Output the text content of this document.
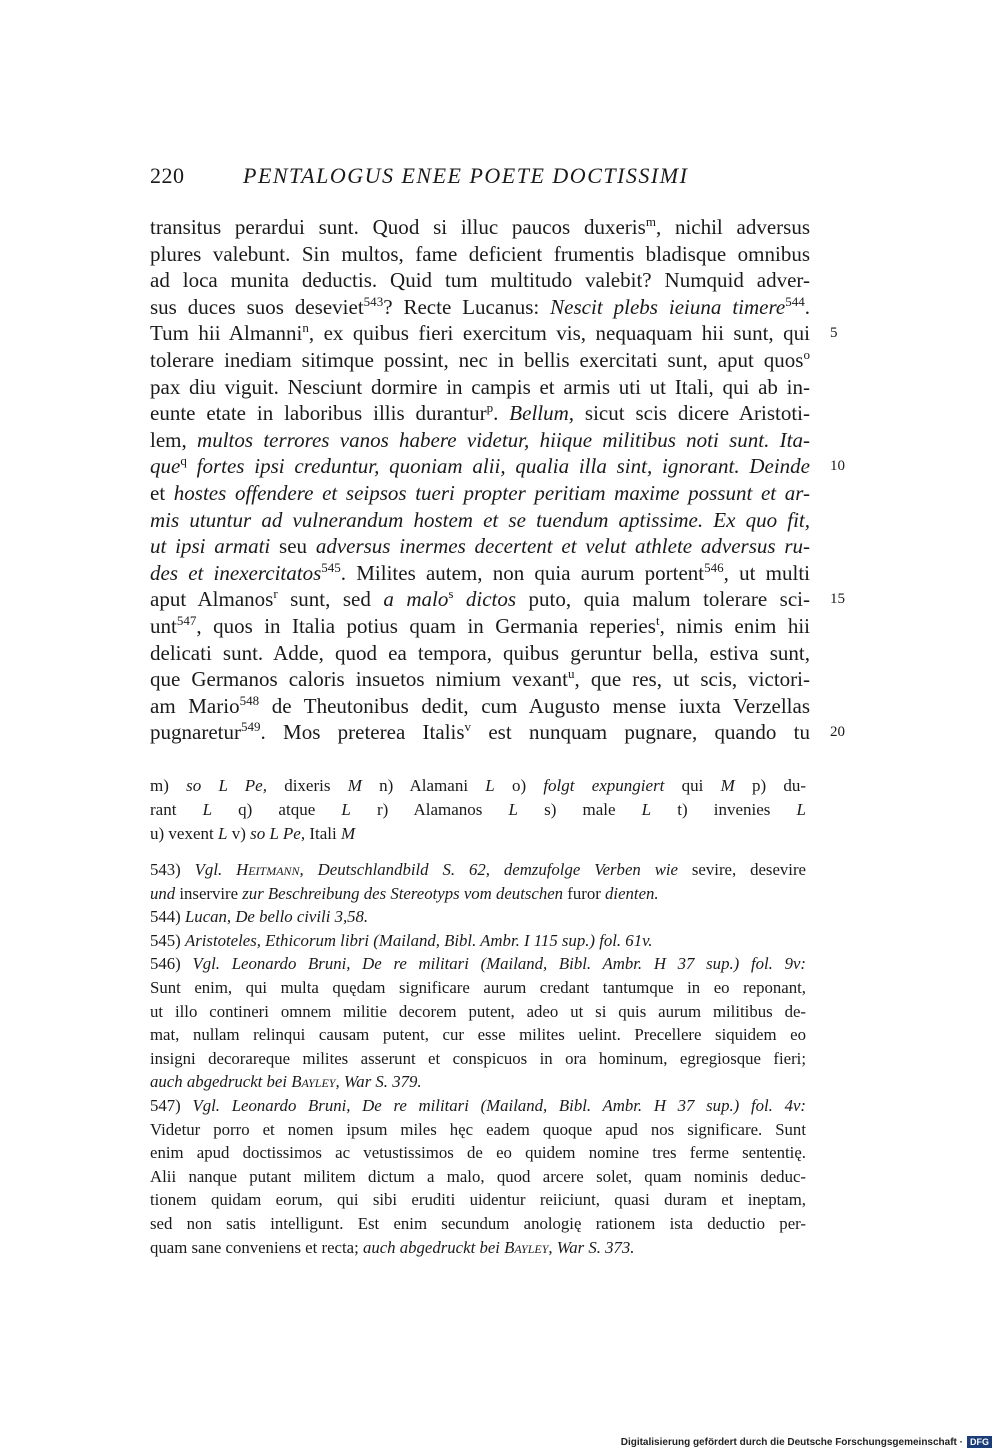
220	PENTALOGUS ENEE POETE DOCTISSIMI
transitus perardui sunt. Quod si illuc paucos duxeris$^m$, nichil adversus
plures valebunt. Sin multos, fame deficient frumentis bladisque omnibus
ad loca munita deductis. Quid tum multitudo valebit? Numquid adver-
sus duces suos deseviet$^{543}$? Recte Lucanus: Nescit plebs ieiuna timere$^{544}$.
Tum hii Almanni$^n$, ex quibus fieri exercitum vis, nequaquam hii sunt, qui
tolerare inediam sitimque possint, nec in bellis exercitati sunt, aput quos$^o$
pax diu viguit. Nesciunt dormire in campis et armis uti ut Itali, qui ab in-
eunte etate in laboribus illis durantur$^p$. Bellum, sicut scis dicere Aristoti-
lem, multos terrores vanos habere videtur, hiique militibus noti sunt. Ita-
que$^q$ fortes ipsi creduntur, quoniam alii, qualia illa sint, ignorant. Deinde
et hostes offendere et seipsos tueri propter peritiam maxime possunt et ar-
mis utuntur ad vulnerandum hostem et se tuendum aptissime. Ex quo fit,
ut ipsi armati seu adversus inermes decertent et velut athlete adversus ru-
des et inexercitatos$^{545}$. Milites autem, non quia aurum portent$^{546}$, ut multi
aput Almanos$^r$ sunt, sed a malo$^s$ dictos puto, quia malum tolerare sci-
unt$^{547}$, quos in Italia potius quam in Germania reperies$^t$, nimis enim hii
delicati sunt. Adde, quod ea tempora, quibus geruntur bella, estiva sunt,
que Germanos caloris insuetos nimium vexant$^u$, que res, ut scis, victori-
am Mario$^{548}$ de Theutonibus dedit, cum Augusto mense iuxta Verzellas
pugnaretur$^{549}$. Mos preterea Italis$^v$ est nunquam pugnare, quando tu
5
10
15
20
m) so L Pe, dixeris M n) Alamani L o) folgt expungiert qui M p) du-
rant L q) atque L r) Alamanos L s) male L t) invenies L
u) vexent L v) so L Pe, Itali M
543) Vgl. Heitmann, Deutschlandbild S. 62, demzufolge Verben wie sevire, desevire
und inservire zur Beschreibung des Stereotyps vom deutschen furor dienten.
544) Lucan, De bello civili 3,58.
545) Aristoteles, Ethicorum libri (Mailand, Bibl. Ambr. I 115 sup.) fol. 61v.
546) Vgl. Leonardo Bruni, De re militari (Mailand, Bibl. Ambr. H 37 sup.) fol. 9v:
Sunt enim, qui multa quędam significare aurum credant tantumque in eo reponant,
ut illo contineri omnem militie decorem putent, adeo ut si quis aurum militibus de-
mat, nullam relinqui causam putent, cur esse milites uelint. Precellere siquidem eo
insigni decorareque milites asserunt et conspicuos in ora hominum, egregiosque fieri;
auch abgedruckt bei Bayley, War S. 379.
547) Vgl. Leonardo Bruni, De re militari (Mailand, Bibl. Ambr. H 37 sup.) fol. 4v:
Videtur porro et nomen ipsum miles hęc eadem quoque apud nos significare. Sunt
enim apud doctissimos ac vetustissimos de eo quidem nomine tres ferme sententię.
Alii nanque putant militem dictum a malo, quod arcere solet, quam nominis deduc-
tionem quidam eorum, qui sibi eruditi uidentur reiiciunt, quasi duram et ineptam,
sed non satis intelligunt. Est enim secundum anologię rationem ista deductio per-
quam sane conveniens et recta; auch abgedruckt bei Bayley, War S. 373.
Digitalisierung gefördert durch die Deutsche Forschungsgemeinschaft · DFG
